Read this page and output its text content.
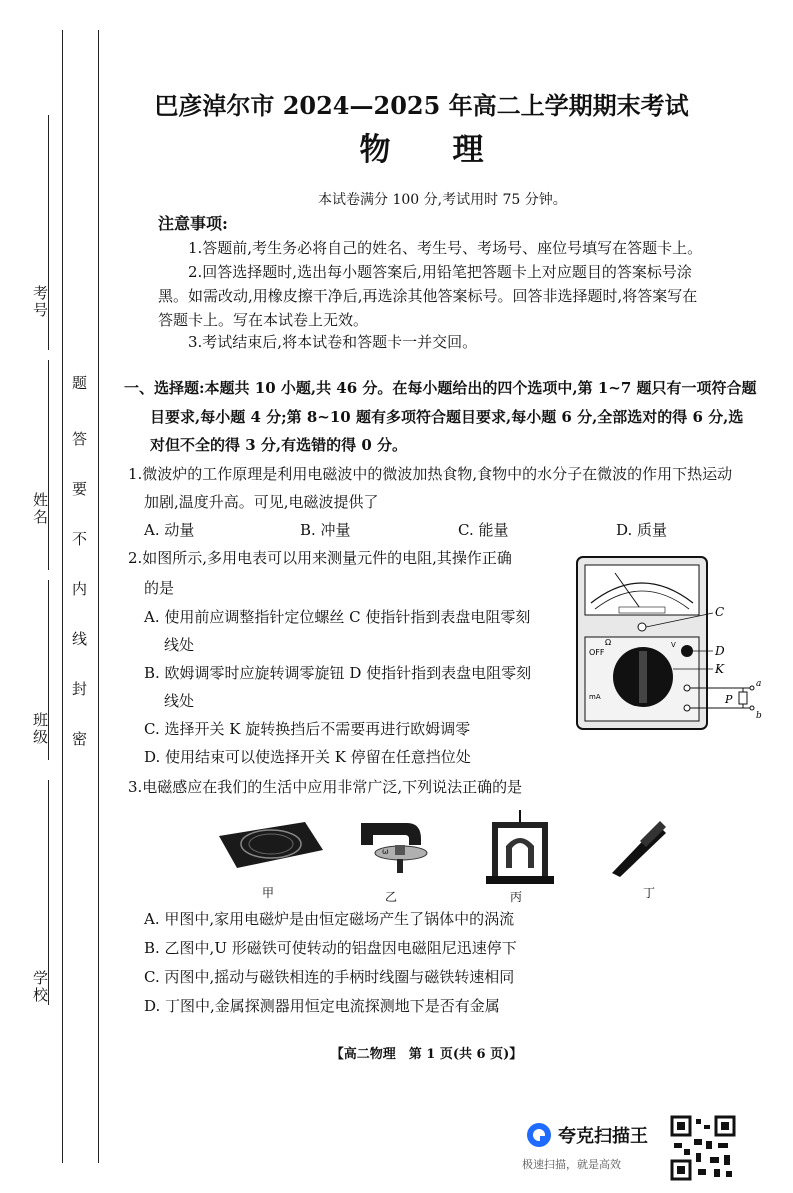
考号
姓名
班级
学校
题
答
要
不
内
线
封
密
巴彦淖尔市 2024—2025 年高二上学期期末考试
物　　理
本试卷满分 100 分,考试用时 75 分钟。
注意事项:
1.答题前,考生务必将自己的姓名、考生号、考场号、座位号填写在答题卡上。
2.回答选择题时,选出每小题答案后,用铅笔把答题卡上对应题目的答案标号涂
黑。如需改动,用橡皮擦干净后,再选涂其他答案标号。回答非选择题时,将答案写在
答题卡上。写在本试卷上无效。
3.考试结束后,将本试卷和答题卡一并交回。
一、选择题:本题共 10 小题,共 46 分。在每小题给出的四个选项中,第 1~7 题只有一项符合题
目要求,每小题 4 分;第 8~10 题有多项符合题目要求,每小题 6 分,全部选对的得 6 分,选
对但不全的得 3 分,有选错的得 0 分。
1.微波炉的工作原理是利用电磁波中的微波加热食物,食物中的水分子在微波的作用下热运动
加剧,温度升高。可见,电磁波提供了
A. 动量	B. 冲量	C. 能量	D. 质量
2.如图所示,多用电表可以用来测量元件的电阻,其操作正确
的是
A. 使用前应调整指针定位螺丝 C 使指针指到表盘电阻零刻
线处
B. 欧姆调零时应旋转调零旋钮 D 使指针指到表盘电阻零刻
线处
C. 选择开关 K 旋转换挡后不需要再进行欧姆调零
D. 使用结束可以使选择开关 K 停留在任意挡位处
C
D
K
P
a
b
OFF
Ω
mA
V
3.电磁感应在我们的生活中应用非常广泛,下列说法正确的是
甲
ω
乙	丙	丁
A. 甲图中,家用电磁炉是由恒定磁场产生了锅体中的涡流
B. 乙图中,U 形磁铁可使转动的铝盘因电磁阻尼迅速停下
C. 丙图中,摇动与磁铁相连的手柄时线圈与磁铁转速相同
D. 丁图中,金属探测器用恒定电流探测地下是否有金属
【高二物理　第 1 页(共 6 页)】
夸克扫描王
极速扫描，就是高效
